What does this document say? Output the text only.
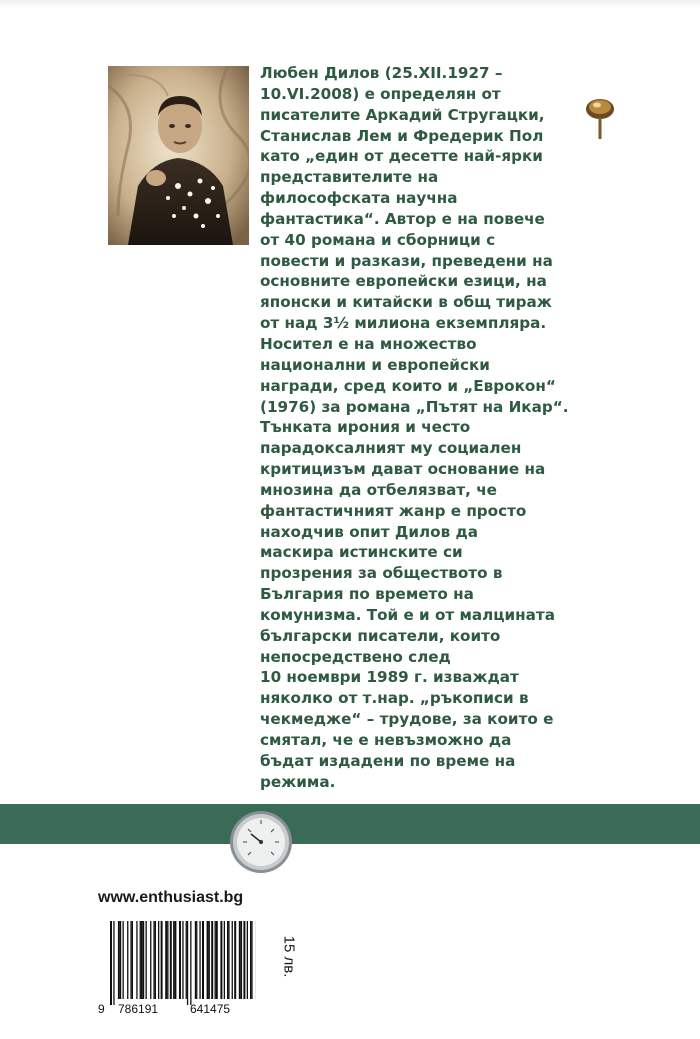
Любен Дилов (25.XII.1927 –
10.VI.2008) е определян от
писателите Аркадий Стругацки,
Станислав Лем и Фредерик Пол
като „един от десетте най-ярки
представителите на
философската научна
фантастика“. Автор е на повече
от 40 романа и сборници с
повести и разкази, преведени на
основните европейски езици, на
японски и китайски в общ тираж
от над 3½ милиона екземпляра.
Носител е на множество
национални и европейски
награди, сред които и „Еврокон“
(1976) за романа „Пътят на Икар“.
Тънката ирония и често
парадоксалният му социален
критицизъм дават основание на
мнозина да отбелязват, че
фантастичният жанр е просто
находчив опит Дилов да
маскира истинските си
прозрения за обществото в
България по времето на
комунизма. Той е и от малцината
български писатели, които
непосредствено след
10 ноември 1989 г. изваждат
няколко от т.нар. „ръкописи в
чекмедже“ – трудове, за които е
смятал, че е невъзможно да
бъдат издадени по време на
режима.

www.enthusiast.bg
9 786191	641475
15 лв.
